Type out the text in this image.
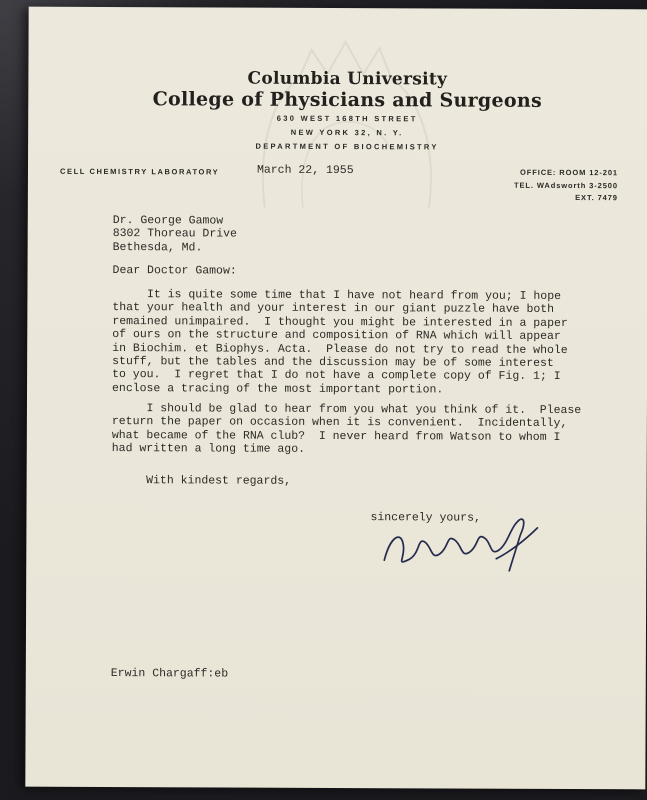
Columbia University
College of Physicians and Surgeons
630 WEST 168TH STREET
NEW YORK 32, N. Y.
DEPARTMENT OF BIOCHEMISTRY
CELL CHEMISTRY LABORATORY	March 22, 1955	OFFICE: ROOM 12-201
TEL. WAdsworth 3-2500
EXT. 7479
Dr. George Gamow
8302 Thoreau Drive
Bethesda, Md.
Dear Doctor Gamow:
It is quite some time that I have not heard from you; I hope
that your health and your interest in our giant puzzle have both
remained unimpaired.  I thought you might be interested in a paper
of ours on the structure and composition of RNA which will appear
in Biochim. et Biophys. Acta.  Please do not try to read the whole
stuff, but the tables and the discussion may be of some interest
to you.  I regret that I do not have a complete copy of Fig. 1; I
enclose a tracing of the most important portion.
I should be glad to hear from you what you think of it.  Please
return the paper on occasion when it is convenient.  Incidentally,
what became of the RNA club?  I never heard from Watson to whom I
had written a long time ago.
With kindest regards,
sincerely yours,
Erwin Chargaff:eb
